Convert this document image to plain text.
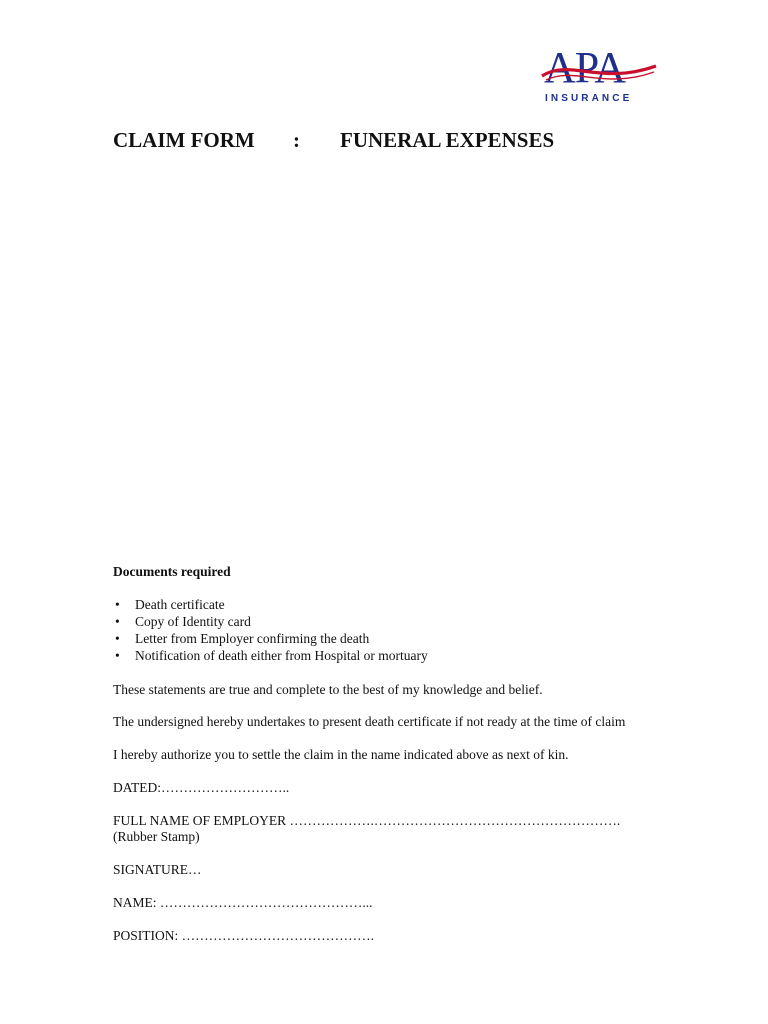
APA
INSURANCE
CLAIM FORM : FUNERAL EXPENSES
Documents required
• Death certificate
• Copy of Identity card
• Letter from Employer confirming the death
• Notification of death either from Hospital or mortuary
These statements are true and complete to the best of my knowledge and belief.
The undersigned hereby undertakes to present death certificate if not ready at the time of claim
I hereby authorize you to settle the claim in the name indicated above as next of kin.
DATED:………………………..
FULL NAME OF EMPLOYER ……………….……………………………………………….
(Rubber Stamp)
SIGNATURE…
NAME: ………………………………………...
POSITION: …………………………………….
